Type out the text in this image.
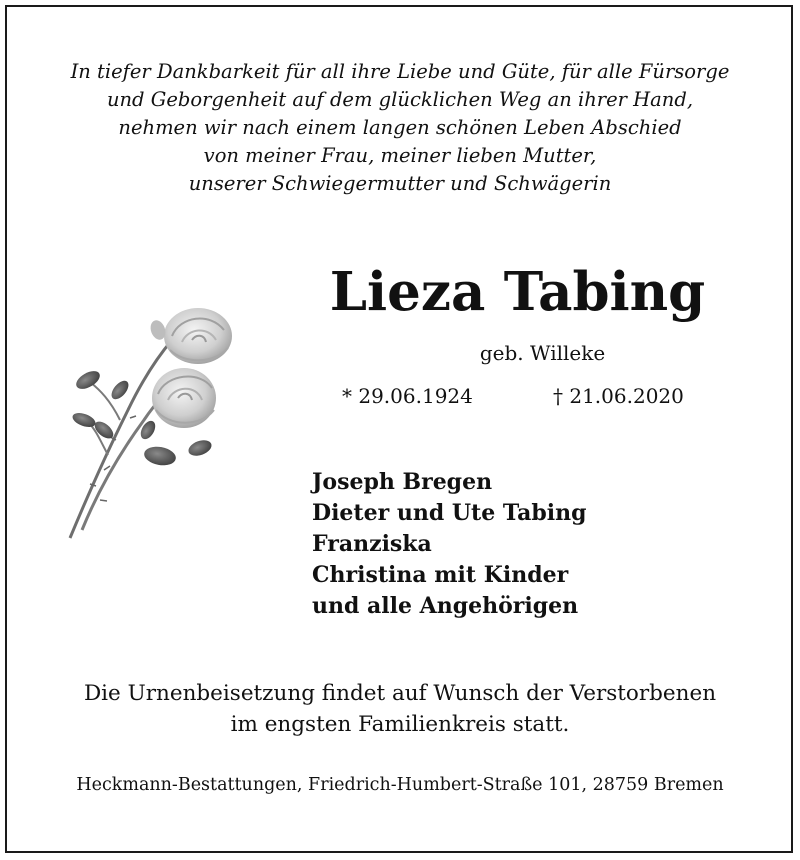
In tiefer Dankbarkeit für all ihre Liebe und Güte, für alle Fürsorge
und Geborgenheit auf dem glücklichen Weg an ihrer Hand,
nehmen wir nach einem langen schönen Leben Abschied
von meiner Frau, meiner lieben Mutter,
unserer Schwiegermutter und Schwägerin
Lieza Tabing
geb. Willeke
* 29.06.1924	† 21.06.2020
Joseph Bregen
Dieter und Ute Tabing
Franziska
Christina mit Kinder
und alle Angehörigen
Die Urnenbeisetzung findet auf Wunsch der Verstorbenen
im engsten Familienkreis statt.
Heckmann-Bestattungen, Friedrich-Humbert-Straße 101, 28759 Bremen
